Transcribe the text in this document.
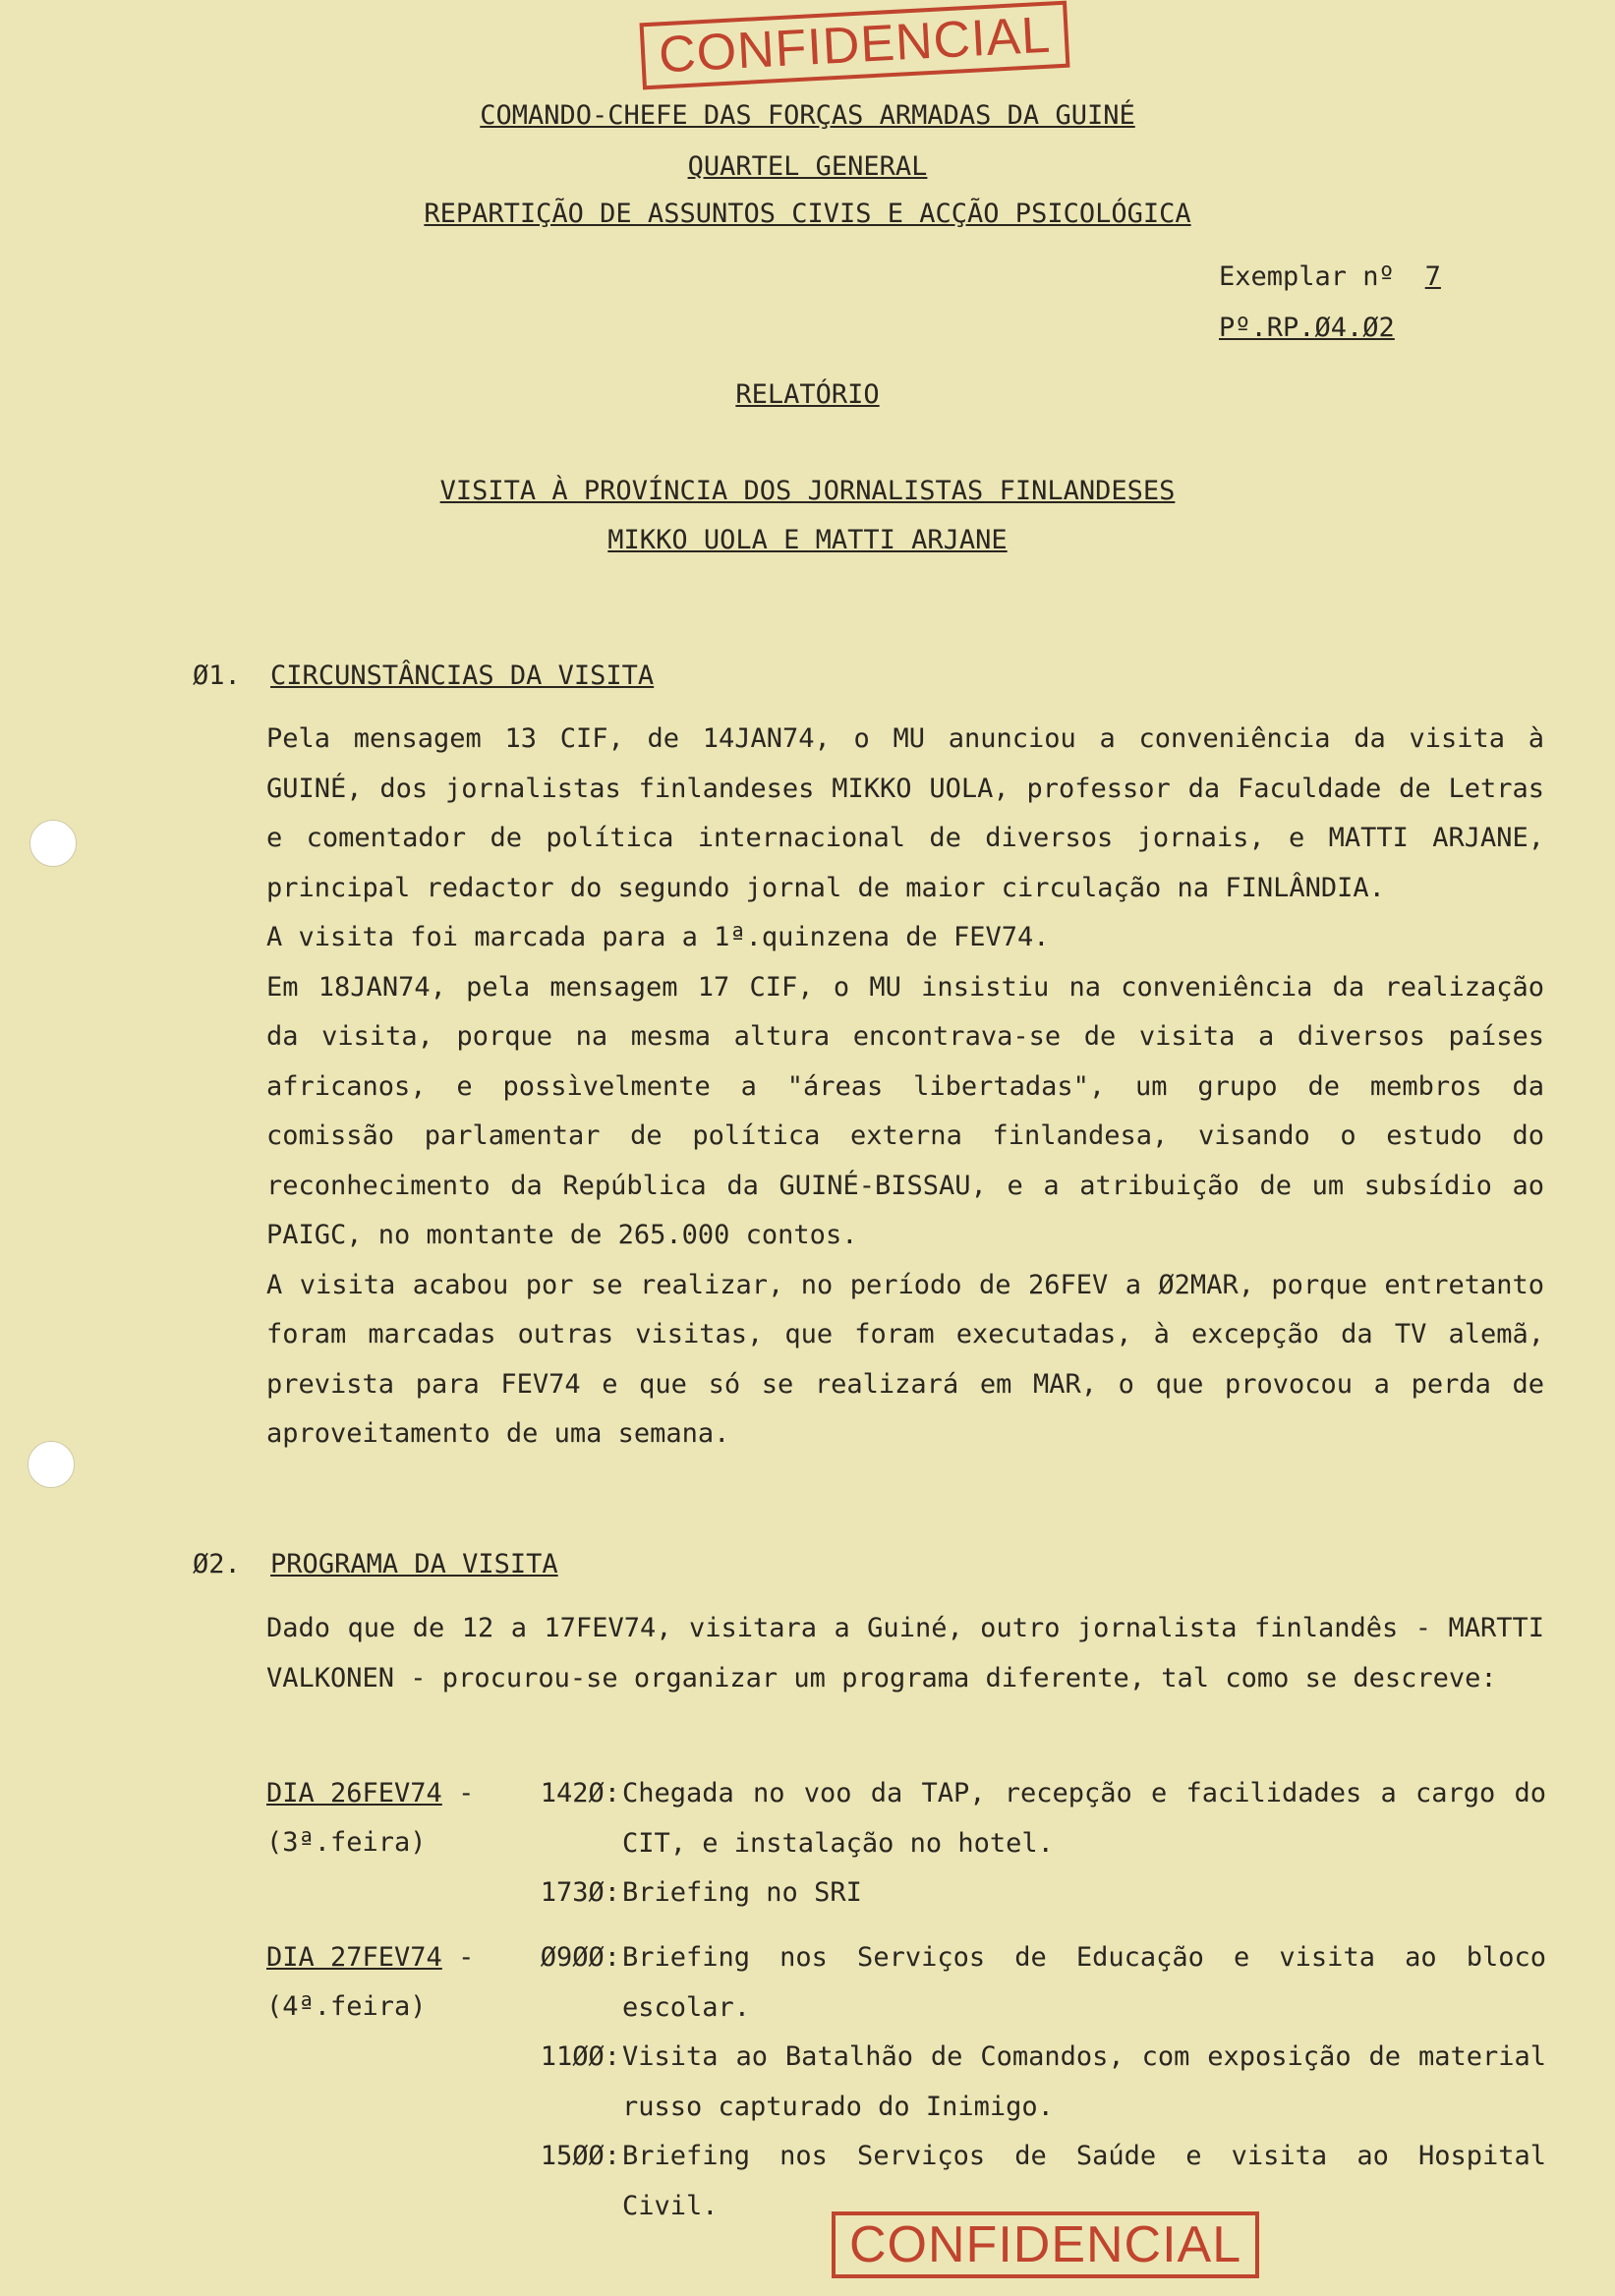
CONFIDENCIAL
COMANDO-CHEFE DAS FORÇAS ARMADAS DA GUINÉ
QUARTEL GENERAL
REPARTIÇÃO DE ASSUNTOS CIVIS E ACÇÃO PSICOLÓGICA
Exemplar nº 7
Pº.RP.Ø4.Ø2
RELATÓRIO
VISITA À PROVÍNCIA DOS JORNALISTAS FINLANDESES
MIKKO UOLA E MATTI ARJANE
Ø1. CIRCUNSTÂNCIAS DA VISITA

Pela mensagem 13 CIF, de 14JAN74, o MU anunciou a conveniência da visita à GUINÉ, dos jornalistas finlandeses MIKKO UOLA, professor da Faculdade de Letras e comentador de política internacional de diversos jornais, e MATTI ARJANE, principal redactor do segundo jornal de maior circulação na FINLÂNDIA.

A visita foi marcada para a 1ª.quinzena de FEV74.

Em 18JAN74, pela mensagem 17 CIF, o MU insistiu na conveniência da realização da visita, porque na mesma altura encontrava-se de visita a diversos países africanos, e possìvelmente a "áreas libertadas", um grupo de membros da comissão parlamentar de política externa finlandesa, visando o estudo do reconhecimento da República da GUINÉ-BISSAU, e a atribuição de um subsídio ao PAIGC, no montante de 265.000 contos.

A visita acabou por se realizar, no período de 26FEV a Ø2MAR, porque entretanto foram marcadas outras visitas, que foram executadas, à excepção da TV alemã, prevista para FEV74 e que só se realizará em MAR, o que provocou a perda de aproveitamento de uma semana.

Ø2. PROGRAMA DA VISITA

Dado que de 12 a 17FEV74, visitara a Guiné, outro jornalista finlandês - MARTTI VALKONEN - procurou-se organizar um programa diferente, tal como se descreve:

DIA 26FEV74 -
(3ª.feira)
142Ø: Chegada no voo da TAP, recepção e facilidades a cargo do CIT, e instalação no hotel.
173Ø: Briefing no SRI
DIA 27FEV74 -
(4ª.feira)
Ø9ØØ: Briefing nos Serviços de Educação e visita ao bloco escolar.
11ØØ: Visita ao Batalhão de Comandos, com exposição de material russo capturado do Inimigo.
15ØØ: Briefing nos Serviços de Saúde e visita ao Hospital Civil.
CONFIDENCIAL
